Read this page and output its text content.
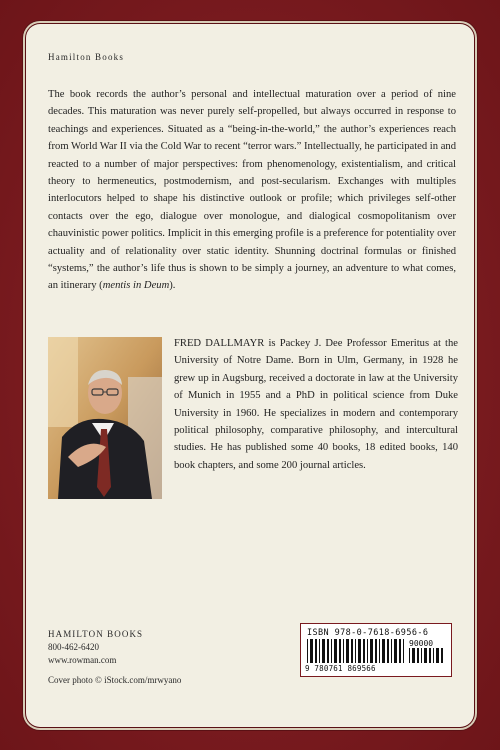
Hamilton Books

The book records the author’s personal and intellectual maturation over a period of nine decades. This maturation was never purely self-propelled, but always occurred in response to teachings and experiences. Situated as a “being-in-the-world,” the author’s experiences reach from World War II via the Cold War to recent “terror wars.” Intellectually, he participated in and reacted to a number of major perspectives: from phenomenology, existentialism, and critical theory to hermeneutics, postmodernism, and post-secularism. Exchanges with multiples interlocutors helped to shape his distinctive outlook or profile; which privileges self-other contacts over the ego, dialogue over monologue, and dialogical cosmopolitanism over chauvinistic power politics. Implicit in this emerging profile is a preference for potentiality over actuality and of relationality over static identity. Shunning doctrinal formulas or finished “systems,” the author’s life thus is shown to be simply a journey, an adventure to what comes, an itinerary (mentis in Deum).

FRED DALLMAYR is Packey J. Dee Professor Emeritus at the University of Notre Dame. Born in Ulm, Germany, in 1928 he grew up in Augsburg, received a doctorate in law at the University of Munich in 1955 and a PhD in political science from Duke University in 1960. He specializes in modern and contemporary political philosophy, comparative philosophy, and intercultural studies. He has published some 40 books, 18 edited books, 140 book chapters, and some 200 journal articles.

HAMILTON BOOKS
800-462-6420
www.rowman.com
Cover photo © iStock.com/mrwyano
ISBN 978-0-7618-6956-6
90000
9 780761 869566
